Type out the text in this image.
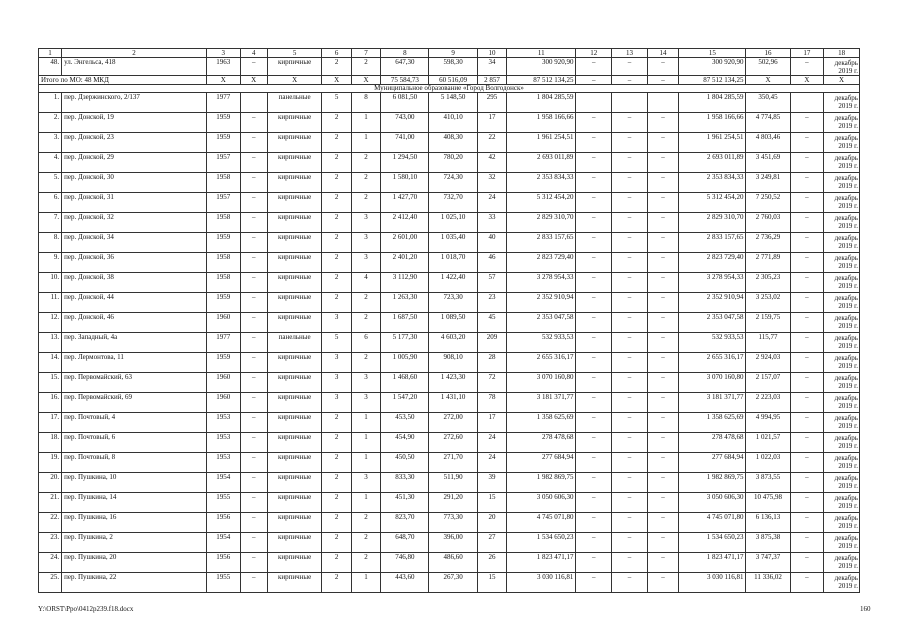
1	2	3	4	5	6	7	8	9	10	11	12	13	14	15	16	17	18
48.	ул. Энгельса, 418	1963	–	кирпичные	2	2	647,30	598,30	34	300 920,90	–	–	–	300 920,90	502,96	–	декабрь 2019 г.
Итого по МО: 48 МКД		X	X	X	X	X	75 584,73	60 516,09	2 857	87 512 134,25	–	–	–	87 512 134,25	X	X	X
Муниципальное образование «Город Волгодонск»																	
1.	пер. Дзержинского, 2/137	1977		панельные	5	8	6 081,50	5 148,50	295	1 804 285,59				1 804 285,59	350,45		декабрь 2019 г.
2.	пер. Донской, 19	1959	–	кирпичные	2	1	743,00	410,10	17	1 958 166,66	–	–	–	1 958 166,66	4 774,85	–	декабрь 2019 г.
3.	пер. Донской, 23	1959	–	кирпичные	2	1	741,00	408,30	22	1 961 254,51	–	–	–	1 961 254,51	4 803,46	–	декабрь 2019 г.
4.	пер. Донской, 29	1957	–	кирпичные	2	2	1 294,50	780,20	42	2 693 011,89	–	–	–	2 693 011,89	3 451,69	–	декабрь 2019 г.
5.	пер. Донской, 30	1958	–	кирпичные	2	2	1 580,10	724,30	32	2 353 834,33	–	–	–	2 353 834,33	3 249,81	–	декабрь 2019 г.
6.	пер. Донской, 31	1957	–	кирпичные	2	2	1 427,70	732,70	24	5 312 454,20	–	–	–	5 312 454,20	7 250,52	–	декабрь 2019 г.
7.	пер. Донской, 32	1958	–	кирпичные	2	3	2 412,40	1 025,10	33	2 829 310,70	–	–	–	2 829 310,70	2 760,03	–	декабрь 2019 г.
8.	пер. Донской, 34	1959	–	кирпичные	2	3	2 601,00	1 035,40	40	2 833 157,65	–	–	–	2 833 157,65	2 736,29	–	декабрь 2019 г.
9.	пер. Донской, 36	1958	–	кирпичные	2	3	2 401,20	1 018,70	46	2 823 729,40	–	–	–	2 823 729,40	2 771,89	–	декабрь 2019 г.
10.	пер. Донской, 38	1958	–	кирпичные	2	4	3 112,90	1 422,40	57	3 278 954,33	–	–	–	3 278 954,33	2 305,23	–	декабрь 2019 г.
11.	пер. Донской, 44	1959	–	кирпичные	2	2	1 263,30	723,30	23	2 352 910,94	–	–	–	2 352 910,94	3 253,02	–	декабрь 2019 г.
12.	пер. Донской, 46	1960	–	кирпичные	3	2	1 687,50	1 089,50	45	2 353 047,58	–	–	–	2 353 047,58	2 159,75	–	декабрь 2019 г.
13.	пер. Западный, 4а	1977	–	панельные	5	6	5 177,30	4 603,20	209	532 933,53	–	–	–	532 933,53	115,77	–	декабрь 2019 г.
14.	пер. Лермонтова, 11	1959	–	кирпичные	3	2	1 005,90	908,10	28	2 655 316,17	–	–	–	2 655 316,17	2 924,03	–	декабрь 2019 г.
15.	пер. Первомайский, 63	1960	–	кирпичные	3	3	1 468,60	1 423,30	72	3 070 160,80	–	–	–	3 070 160,80	2 157,07	–	декабрь 2019 г.
16.	пер. Первомайский, 69	1960	–	кирпичные	3	3	1 547,20	1 431,10	78	3 181 371,77	–	–	–	3 181 371,77	2 223,03	–	декабрь 2019 г.
17.	пер. Почтовый, 4	1953	–	кирпичные	2	1	453,50	272,00	17	1 358 625,69	–	–	–	1 358 625,69	4 994,95	–	декабрь 2019 г.
18.	пер. Почтовый, 6	1953	–	кирпичные	2	1	454,90	272,60	24	278 478,68	–	–	–	278 478,68	1 021,57	–	декабрь 2019 г.
19.	пер. Почтовый, 8	1953	–	кирпичные	2	1	450,50	271,70	24	277 684,94	–	–	–	277 684,94	1 022,03	–	декабрь 2019 г.
20.	пер. Пушкина, 10	1954	–	кирпичные	2	3	833,30	511,90	39	1 982 869,75	–	–	–	1 982 869,75	3 873,55	–	декабрь 2019 г.
21.	пер. Пушкина, 14	1955	–	кирпичные	2	1	451,30	291,20	15	3 050 606,30	–	–	–	3 050 606,30	10 475,98	–	декабрь 2019 г.
22.	пер. Пушкина, 16	1956	–	кирпичные	2	2	823,70	773,30	20	4 745 071,80	–	–	–	4 745 071,80	6 136,13	–	декабрь 2019 г.
23.	пер. Пушкина, 2	1954	–	кирпичные	2	2	648,70	396,00	27	1 534 650,23	–	–	–	1 534 650,23	3 875,38	–	декабрь 2019 г.
24.	пер. Пушкина, 20	1956	–	кирпичные	2	2	746,80	486,60	26	1 823 471,17	–	–	–	1 823 471,17	3 747,37	–	декабрь 2019 г.
25.	пер. Пушкина, 22	1955	–	кирпичные	2	1	443,60	267,30	15	3 030 116,81	–	–	–	3 030 116,81	11 336,02	–	декабрь 2019 г.
Y:\ORST\Ppo\0412p239.f18.docx	160
